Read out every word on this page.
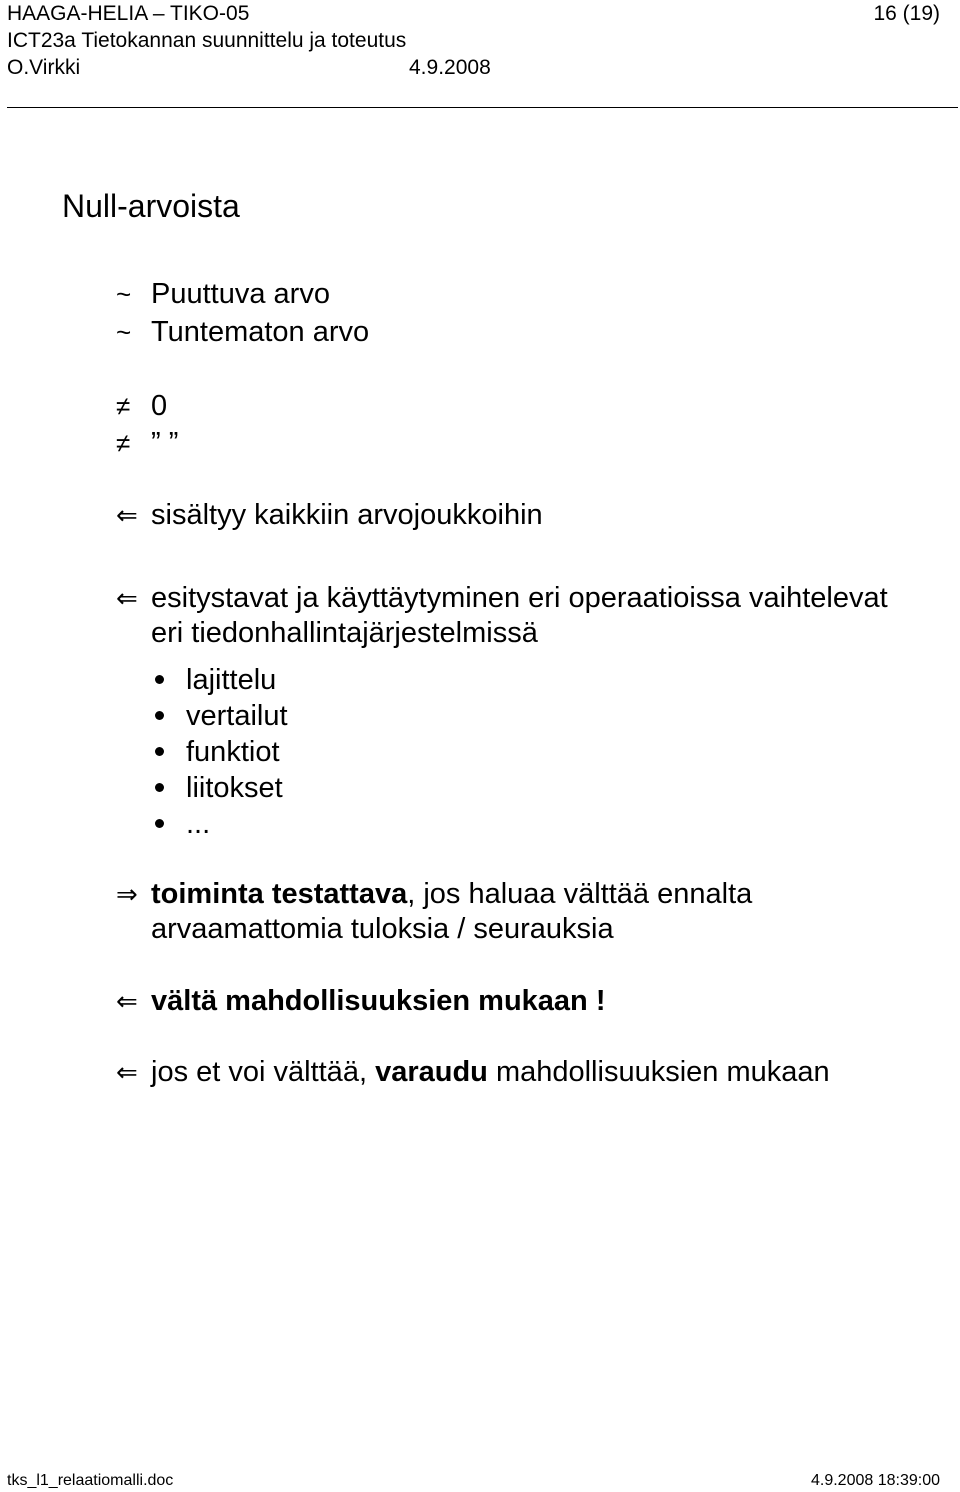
HAAGA-HELIA – TIKO-05	16 (19)
ICT23a Tietokannan suunnittelu ja toteutus
O.Virkki	4.9.2008
Null-arvoista
~ Puuttuva arvo
~ Tuntematon arvo
≠ 0
≠ ” ”
⇐ sisältyy kaikkiin arvojoukkoihin
⇐ esitystavat ja käyttäytyminen eri operaatioissa vaihtelevat
eri tiedonhallintajärjestelmissä
lajittelu
vertailut
funktiot
liitokset
...
⇒ toiminta testattava, jos haluaa välttää ennalta
arvaamattomia tuloksia / seurauksia
⇐ vältä mahdollisuuksien mukaan !
⇐ jos et voi välttää, varaudu mahdollisuuksien mukaan
tks_l1_relaatiomalli.doc	4.9.2008 18:39:00
